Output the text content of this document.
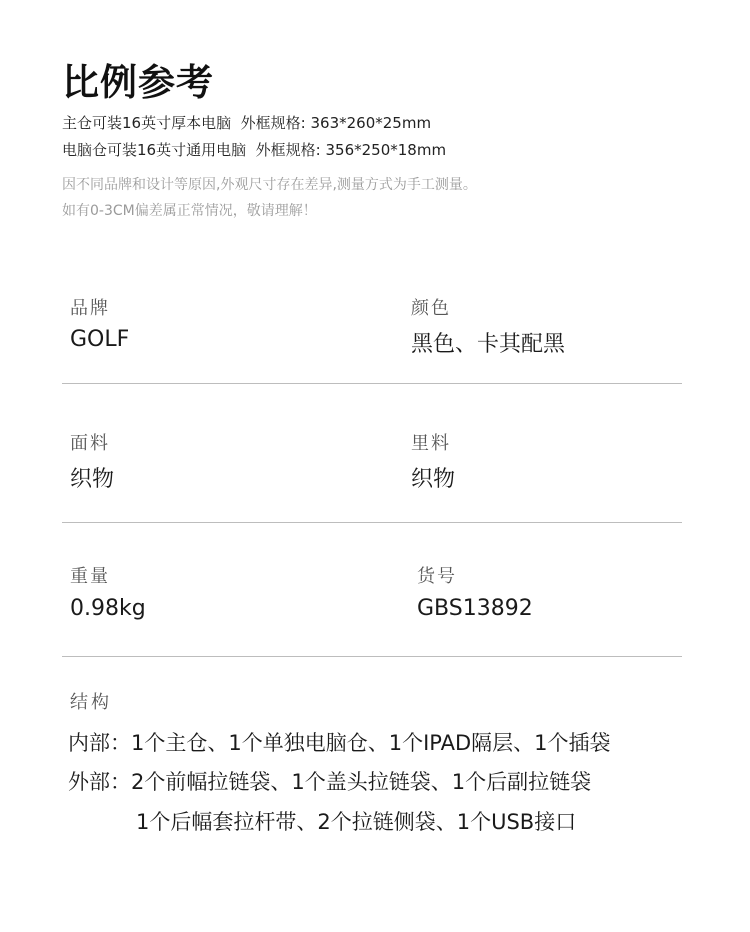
比例参考
主仓可装16英寸厚本电脑 外框规格: 363*260*25mm
电脑仓可装16英寸通用电脑 外框规格: 356*250*18mm
因不同品牌和设计等原因,外观尺寸存在差异,测量方式为手工测量。
如有0-3CM偏差属正常情况，敬请理解！
品牌
GOLF
颜色
黑色、卡其配黑
面料
织物
里料
织物
重量
0.98kg
货号
GBS13892
结构
内部：1个主仓、1个单独电脑仓、1个IPAD隔层、1个插袋
外部：2个前幅拉链袋、1个盖头拉链袋、1个后副拉链袋
1个后幅套拉杆带、2个拉链侧袋、1个USB接口
